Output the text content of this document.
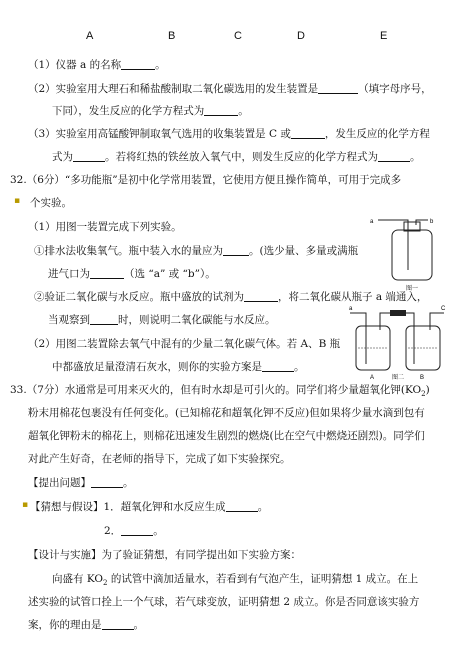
A	B	C	D	E
（1）仪器 a 的名称	。
（2）实验室用大理石和稀盐酸制取二氧化碳选用的发生装置是	（填字母序号，
下同），发生反应的化学方程式为	。
（3）实验室用高锰酸钾制取氧气选用的收集装置是 C 或	，发生反应的化学方程
式为	。若将红热的铁丝放入氧气中，则发生反应的化学方程式为	。
32.（6分）“多功能瓶”是初中化学常用装置，它使用方便且操作简单，可用于完成多
▪ 个实验。
（1）用图一装置完成下列实验。
①排水法收集氧气。瓶中装入水的量应为 。(选少量、多量或满瓶
进气口为	（选 “a” 或 “b”）。
②验证二氧化碳与水反应。瓶中盛放的试剂为	，将二氧化碳从瓶子 a 端通入，
当观察到	时，则说明二氧化碳能与水反应。
（2）用图二装置除去氧气中混有的少量二氧化碳气体。若 A、B 瓶
中都盛放足量澄清石灰水，则你的实验方案是	。
a	b
图一
a	C
A	B
图二
33.（7分）水通常是可用来灭火的，但有时水却是可引火的。同学们将少量超氧化钾$(KO_2)$
粉末用棉花包裹没有任何变化。(已知棉花和超氧化钾不反应)但如果将少量水滴到包有
超氧化钾粉末的棉花上，则棉花迅速发生剧烈的燃烧(比在空气中燃烧还剧烈)。同学们
对此产生好奇，在老师的指导下，完成了如下实验探究。
【提出问题】	。
▪ 【猜想与假设】1．超氧化钾和水反应生成	。
2．	。
【设计与实施】为了验证猜想，有同学提出如下实验方案：
向盛有 $KO_2$ 的试管中滴加适量水，若看到有气泡产生，证明猜想 1 成立。在上
述实验的试管口拴上一个气球，若气球变放，证明猜想 2 成立。你是否同意该实验方
案，你的理由是	。
